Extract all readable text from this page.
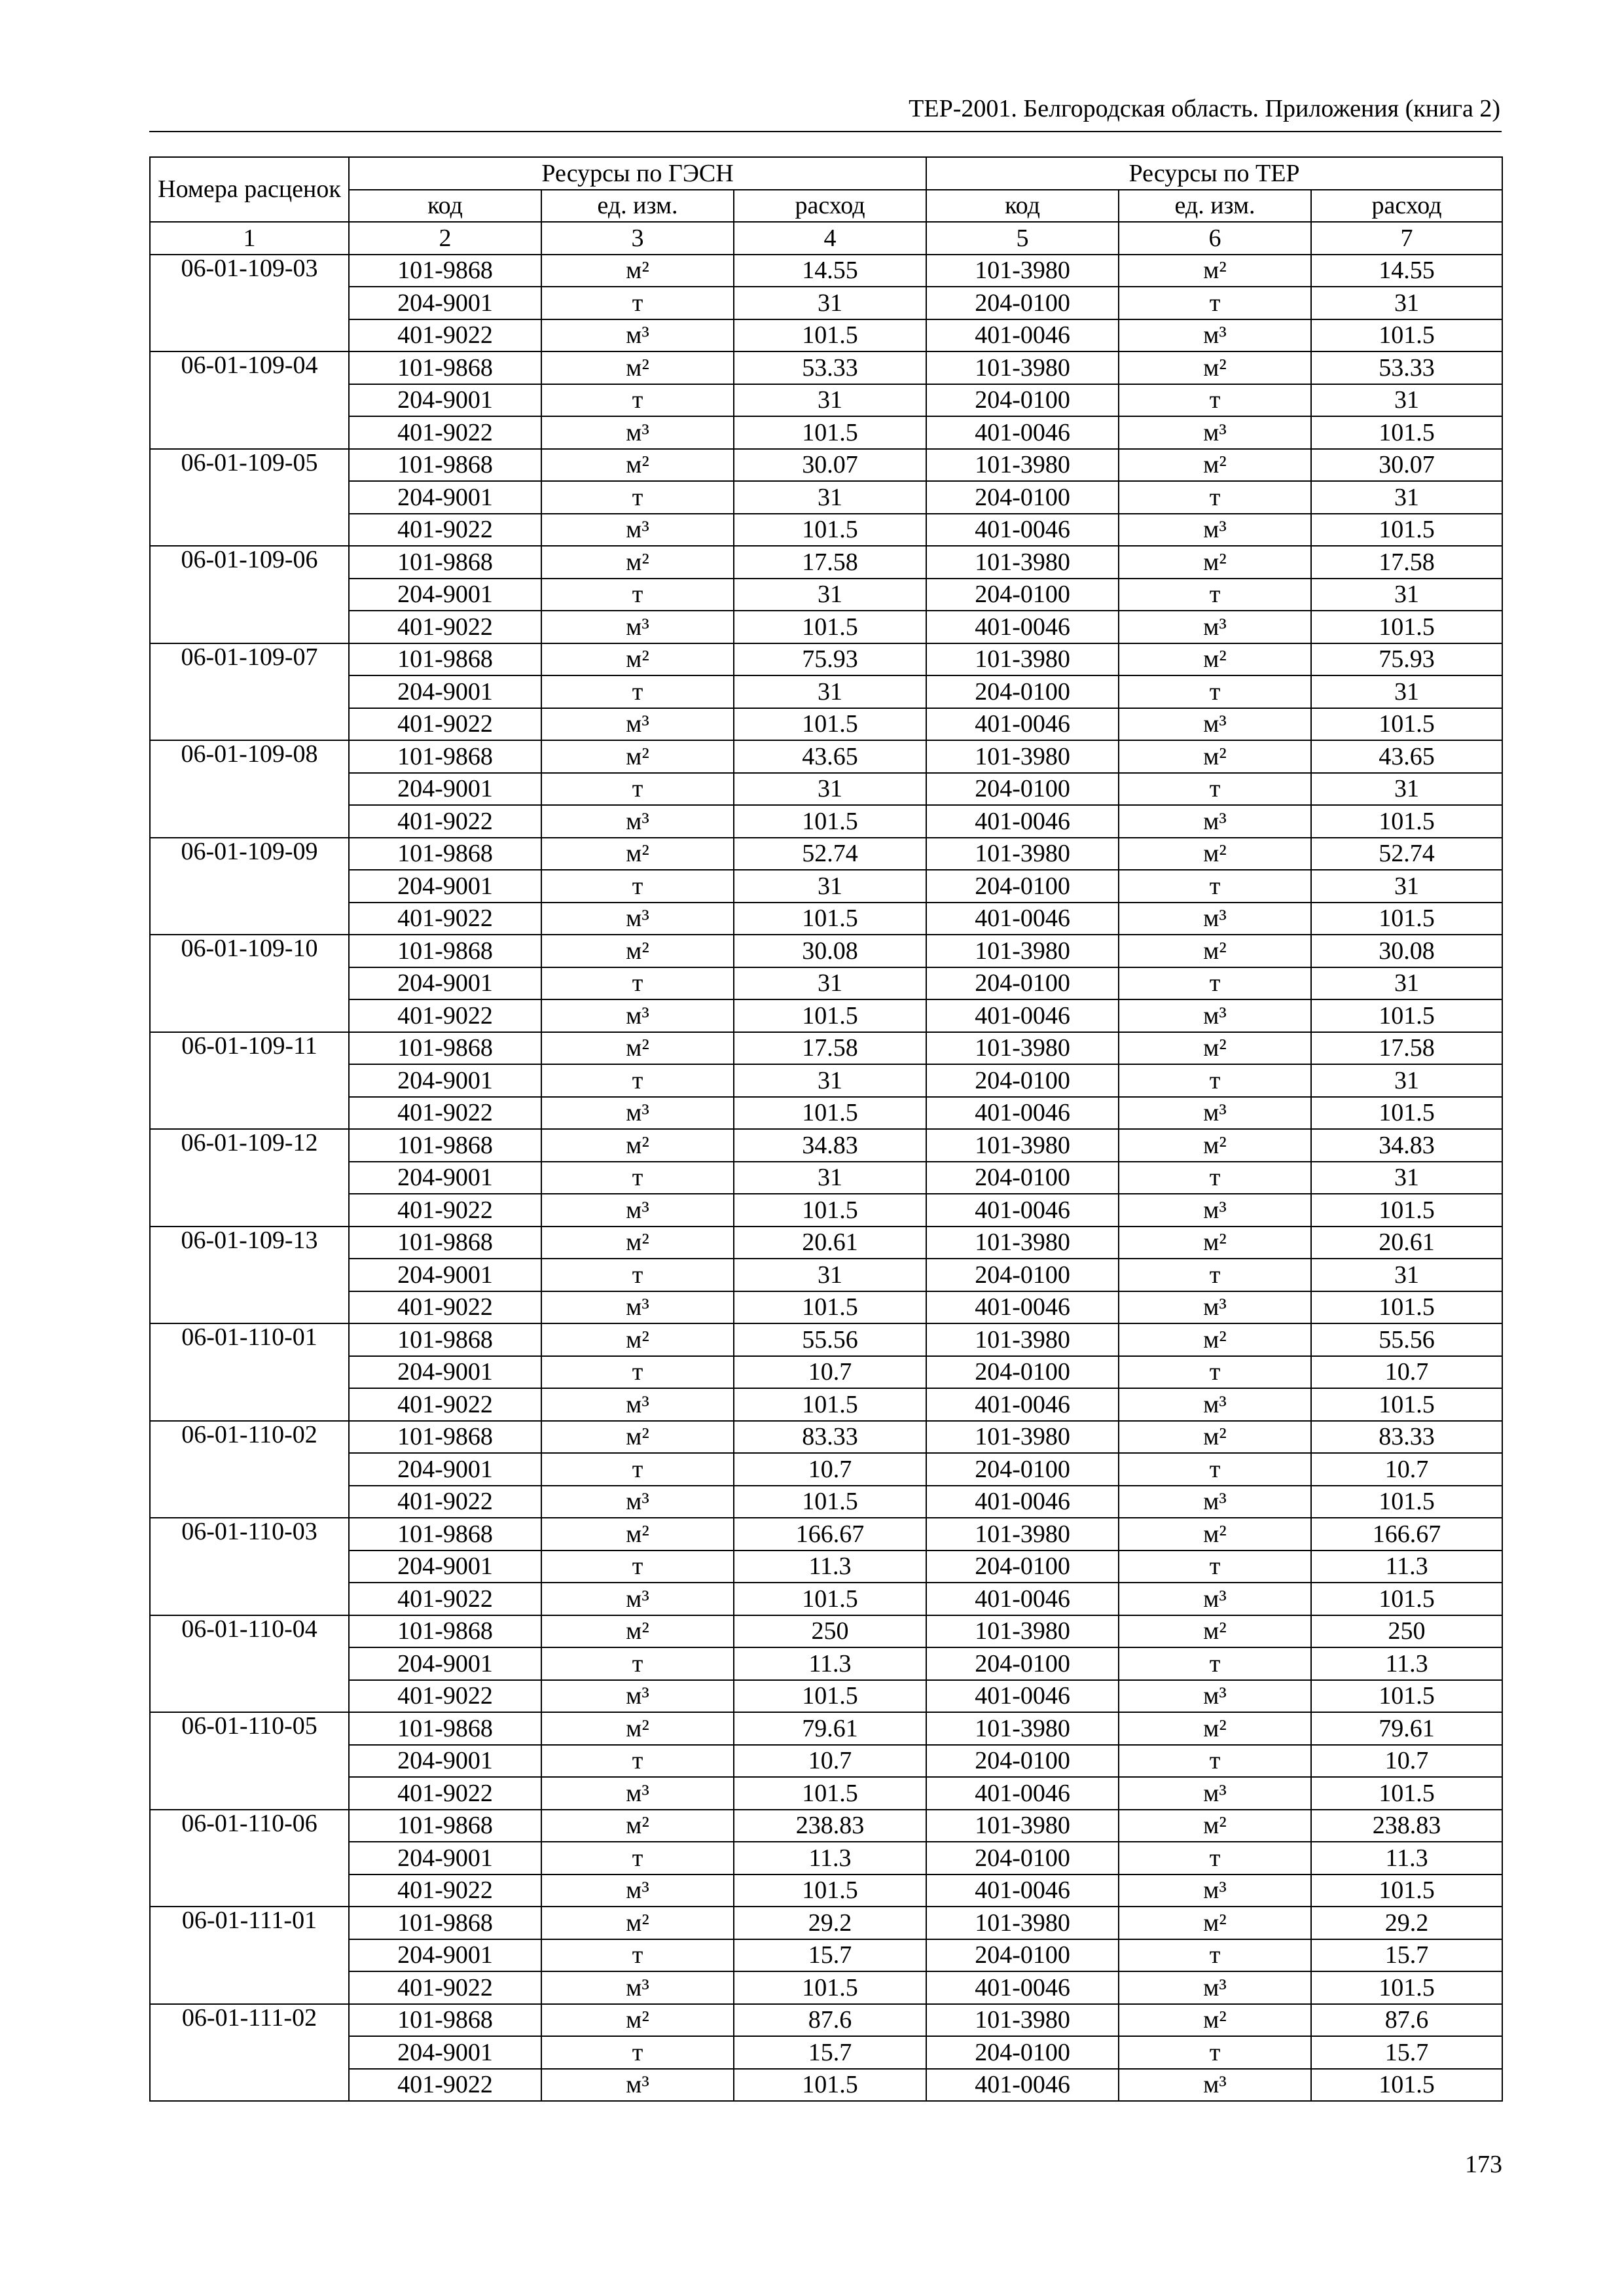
ТЕР-2001. Белгородская область. Приложения (книга 2)
Номера расценок	Ресурсы по ГЭСН			Ресурсы по ТЕР		
	код	ед. изм.	расход	код	ед. изм.	расход
1	2	3	4	5	6	7
06-01-109-03	101-9868	м²	14.55	101-3980	м²	14.55
	204-9001	т	31	204-0100	т	31
	401-9022	м³	101.5	401-0046	м³	101.5
06-01-109-04	101-9868	м²	53.33	101-3980	м²	53.33
	204-9001	т	31	204-0100	т	31
	401-9022	м³	101.5	401-0046	м³	101.5
06-01-109-05	101-9868	м²	30.07	101-3980	м²	30.07
	204-9001	т	31	204-0100	т	31
	401-9022	м³	101.5	401-0046	м³	101.5
06-01-109-06	101-9868	м²	17.58	101-3980	м²	17.58
	204-9001	т	31	204-0100	т	31
	401-9022	м³	101.5	401-0046	м³	101.5
06-01-109-07	101-9868	м²	75.93	101-3980	м²	75.93
	204-9001	т	31	204-0100	т	31
	401-9022	м³	101.5	401-0046	м³	101.5
06-01-109-08	101-9868	м²	43.65	101-3980	м²	43.65
	204-9001	т	31	204-0100	т	31
	401-9022	м³	101.5	401-0046	м³	101.5
06-01-109-09	101-9868	м²	52.74	101-3980	м²	52.74
	204-9001	т	31	204-0100	т	31
	401-9022	м³	101.5	401-0046	м³	101.5
06-01-109-10	101-9868	м²	30.08	101-3980	м²	30.08
	204-9001	т	31	204-0100	т	31
	401-9022	м³	101.5	401-0046	м³	101.5
06-01-109-11	101-9868	м²	17.58	101-3980	м²	17.58
	204-9001	т	31	204-0100	т	31
	401-9022	м³	101.5	401-0046	м³	101.5
06-01-109-12	101-9868	м²	34.83	101-3980	м²	34.83
	204-9001	т	31	204-0100	т	31
	401-9022	м³	101.5	401-0046	м³	101.5
06-01-109-13	101-9868	м²	20.61	101-3980	м²	20.61
	204-9001	т	31	204-0100	т	31
	401-9022	м³	101.5	401-0046	м³	101.5
06-01-110-01	101-9868	м²	55.56	101-3980	м²	55.56
	204-9001	т	10.7	204-0100	т	10.7
	401-9022	м³	101.5	401-0046	м³	101.5
06-01-110-02	101-9868	м²	83.33	101-3980	м²	83.33
	204-9001	т	10.7	204-0100	т	10.7
	401-9022	м³	101.5	401-0046	м³	101.5
06-01-110-03	101-9868	м²	166.67	101-3980	м²	166.67
	204-9001	т	11.3	204-0100	т	11.3
	401-9022	м³	101.5	401-0046	м³	101.5
06-01-110-04	101-9868	м²	250	101-3980	м²	250
	204-9001	т	11.3	204-0100	т	11.3
	401-9022	м³	101.5	401-0046	м³	101.5
06-01-110-05	101-9868	м²	79.61	101-3980	м²	79.61
	204-9001	т	10.7	204-0100	т	10.7
	401-9022	м³	101.5	401-0046	м³	101.5
06-01-110-06	101-9868	м²	238.83	101-3980	м²	238.83
	204-9001	т	11.3	204-0100	т	11.3
	401-9022	м³	101.5	401-0046	м³	101.5
06-01-111-01	101-9868	м²	29.2	101-3980	м²	29.2
	204-9001	т	15.7	204-0100	т	15.7
	401-9022	м³	101.5	401-0046	м³	101.5
06-01-111-02	101-9868	м²	87.6	101-3980	м²	87.6
	204-9001	т	15.7	204-0100	т	15.7
	401-9022	м³	101.5	401-0046	м³	101.5
173
